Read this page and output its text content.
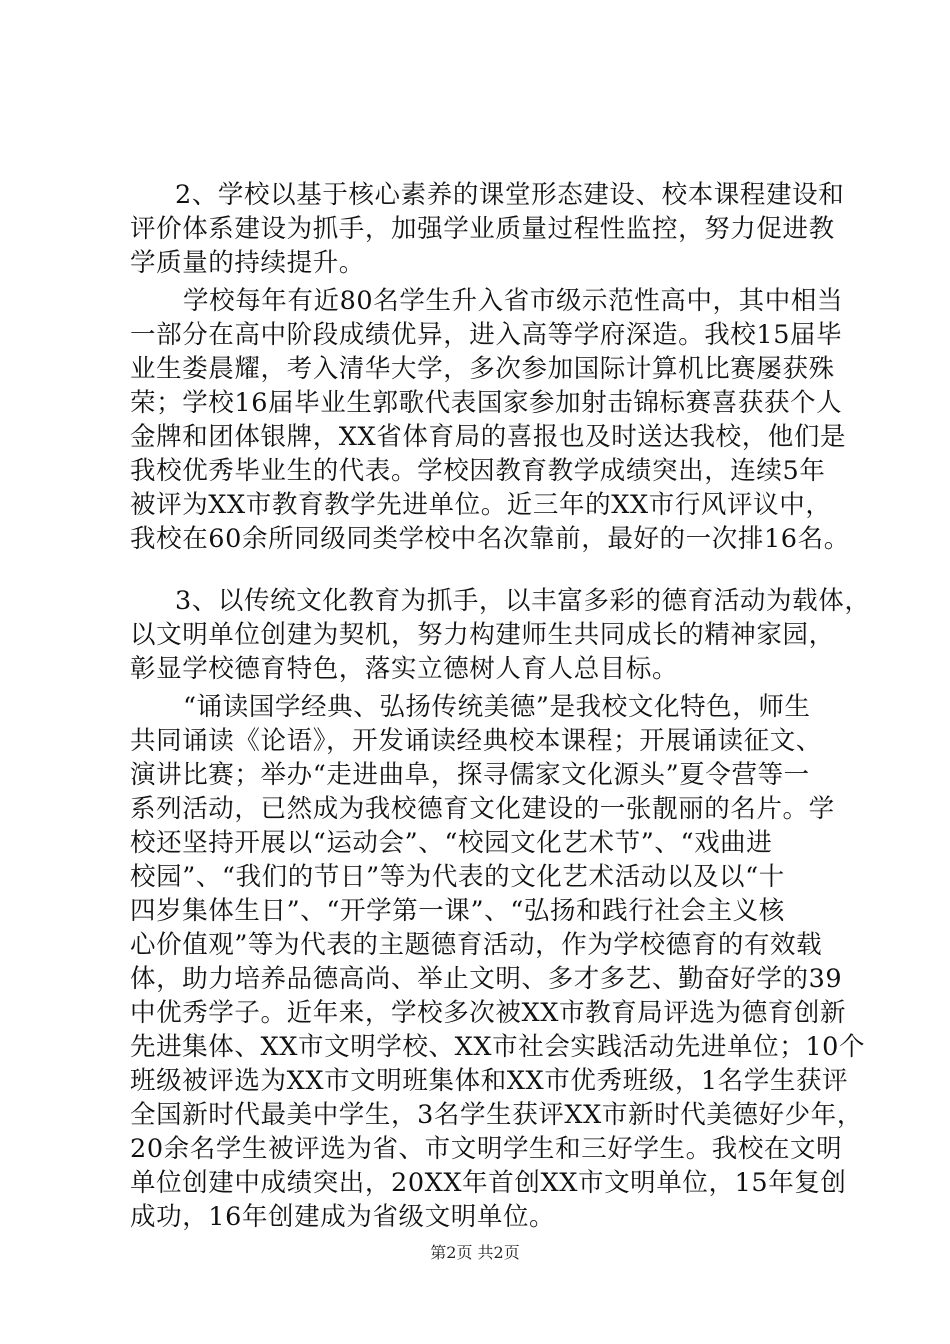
2、学校以基于核心素养的课堂形态建设、校本课程建设和
评价体系建设为抓手，加强学业质量过程性监控，努力促进教
学质量的持续提升。
学校每年有近80名学生升入省市级示范性高中，其中相当
一部分在高中阶段成绩优异，进入高等学府深造。我校15届毕
业生娄晨耀，考入清华大学，多次参加国际计算机比赛屡获殊
荣；学校16届毕业生郭歌代表国家参加射击锦标赛喜获获个人
金牌和团体银牌，XX省体育局的喜报也及时送达我校，他们是
我校优秀毕业生的代表。学校因教育教学成绩突出，连续5年
被评为XX市教育教学先进单位。近三年的XX市行风评议中，
我校在60余所同级同类学校中名次靠前，最好的一次排16名。
3、以传统文化教育为抓手，以丰富多彩的德育活动为载体，
以文明单位创建为契机，努力构建师生共同成长的精神家园，
彰显学校德育特色，落实立德树人育人总目标。
“诵读国学经典、弘扬传统美德”是我校文化特色，师生
共同诵读《论语》，开发诵读经典校本课程；开展诵读征文、
演讲比赛；举办“走进曲阜，探寻儒家文化源头”夏令营等一
系列活动，已然成为我校德育文化建设的一张靓丽的名片。学
校还坚持开展以“运动会”、“校园文化艺术节”、“戏曲进
校园”、“我们的节日”等为代表的文化艺术活动以及以“十
四岁集体生日”、“开学第一课”、“弘扬和践行社会主义核
心价值观”等为代表的主题德育活动，作为学校德育的有效载
体，助力培养品德高尚、举止文明、多才多艺、勤奋好学的39
中优秀学子。近年来，学校多次被XX市教育局评选为德育创新
先进集体、XX市文明学校、XX市社会实践活动先进单位；10个
班级被评选为XX市文明班集体和XX市优秀班级，1名学生获评
全国新时代最美中学生，3名学生获评XX市新时代美德好少年，
20余名学生被评选为省、市文明学生和三好学生。我校在文明
单位创建中成绩突出，20XX年首创XX市文明单位，15年复创
成功，16年创建成为省级文明单位。
第2页 共2页
